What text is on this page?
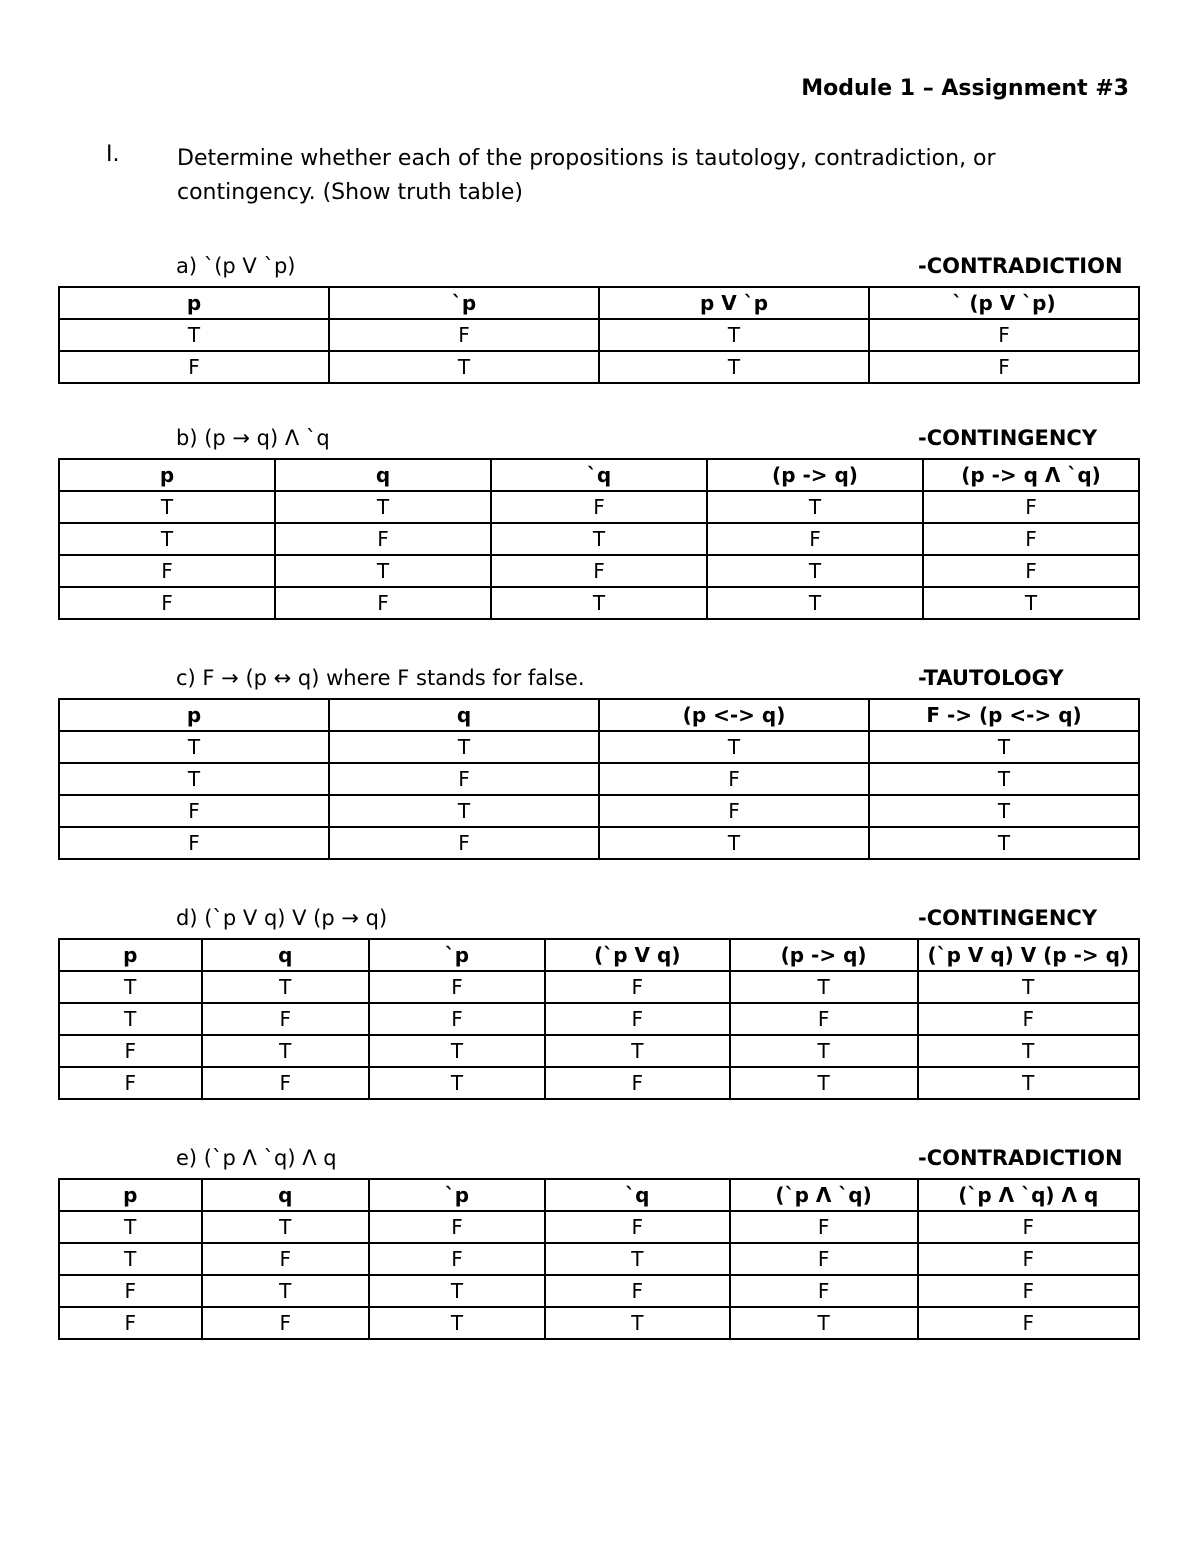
Module 1 – Assignment #3
I.	Determine whether each of the propositions is tautology, contradiction, or contingency. (Show truth table)
a) ˋ(p V ˋp)	-CONTRADICTION
p	ˋp	p V ˋp	ˋ (p V ˋp)
T	F	T	F
F	T	T	F
b) (p → q) Λ ˋq	-CONTINGENCY
p	q	ˋq	(p -> q)	(p -> q Λ ˋq)
T	T	F	T	F
T	F	T	F	F
F	T	F	T	F
F	F	T	T	T
c) F → (p ↔ q) where F stands for false.	-TAUTOLOGY
p	q	(p <-> q)	F -> (p <-> q)
T	T	T	T
T	F	F	T
F	T	F	T
F	F	T	T
d) (ˋp V q) V (p → q)	-CONTINGENCY
p	q	ˋp	(ˋp V q)	(p -> q)	(ˋp V q) V (p -> q)
T	T	F	F	T	T
T	F	F	F	F	F
F	T	T	T	T	T
F	F	T	F	T	T
e) (ˋp Λ ˋq) Λ q	-CONTRADICTION
p	q	ˋp	ˋq	(ˋp Λ ˋq)	(ˋp Λ ˋq) Λ q
T	T	F	F	F	F
T	F	F	T	F	F
F	T	T	F	F	F
F	F	T	T	T	F
